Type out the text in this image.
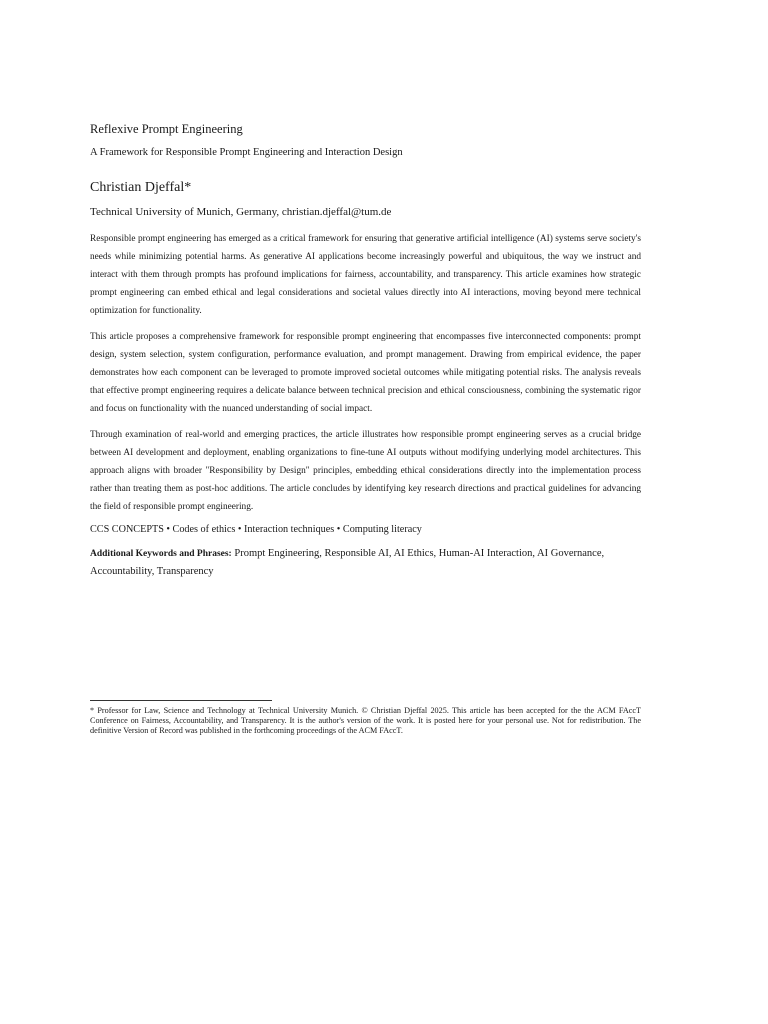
Reflexive Prompt Engineering
A Framework for Responsible Prompt Engineering and Interaction Design
Christian Djeffal*
Technical University of Munich, Germany, christian.djeffal@tum.de

Responsible prompt engineering has emerged as a critical framework for ensuring that generative artificial intelligence (AI) systems serve society's needs while minimizing potential harms. As generative AI applications become increasingly powerful and ubiquitous, the way we instruct and interact with them through prompts has profound implications for fairness, accountability, and transparency. This article examines how strategic prompt engineering can embed ethical and legal considerations and societal values directly into AI interactions, moving beyond mere technical optimization for functionality.

This article proposes a comprehensive framework for responsible prompt engineering that encompasses five interconnected components: prompt design, system selection, system configuration, performance evaluation, and prompt management. Drawing from empirical evidence, the paper demonstrates how each component can be leveraged to promote improved societal outcomes while mitigating potential risks. The analysis reveals that effective prompt engineering requires a delicate balance between technical precision and ethical consciousness, combining the systematic rigor and focus on functionality with the nuanced understanding of social impact.

Through examination of real-world and emerging practices, the article illustrates how responsible prompt engineering serves as a crucial bridge between AI development and deployment, enabling organizations to fine-tune AI outputs without modifying underlying model architectures. This approach aligns with broader "Responsibility by Design" principles, embedding ethical considerations directly into the implementation process rather than treating them as post-hoc additions. The article concludes by identifying key research directions and practical guidelines for advancing the field of responsible prompt engineering.

CCS CONCEPTS • Codes of ethics • Interaction techniques • Computing literacy
Additional Keywords and Phrases: Prompt Engineering, Responsible AI, AI Ethics, Human-AI Interaction, AI Governance, Accountability, Transparency

* Professor for Law, Science and Technology at Technical University Munich. © Christian Djeffal 2025. This article has been accepted for the the ACM FAccT Conference on Fairness, Accountability, and Transparency. It is the author's version of the work. It is posted here for your personal use. Not for redistribution. The definitive Version of Record was published in the forthcoming proceedings of the ACM FAccT.
